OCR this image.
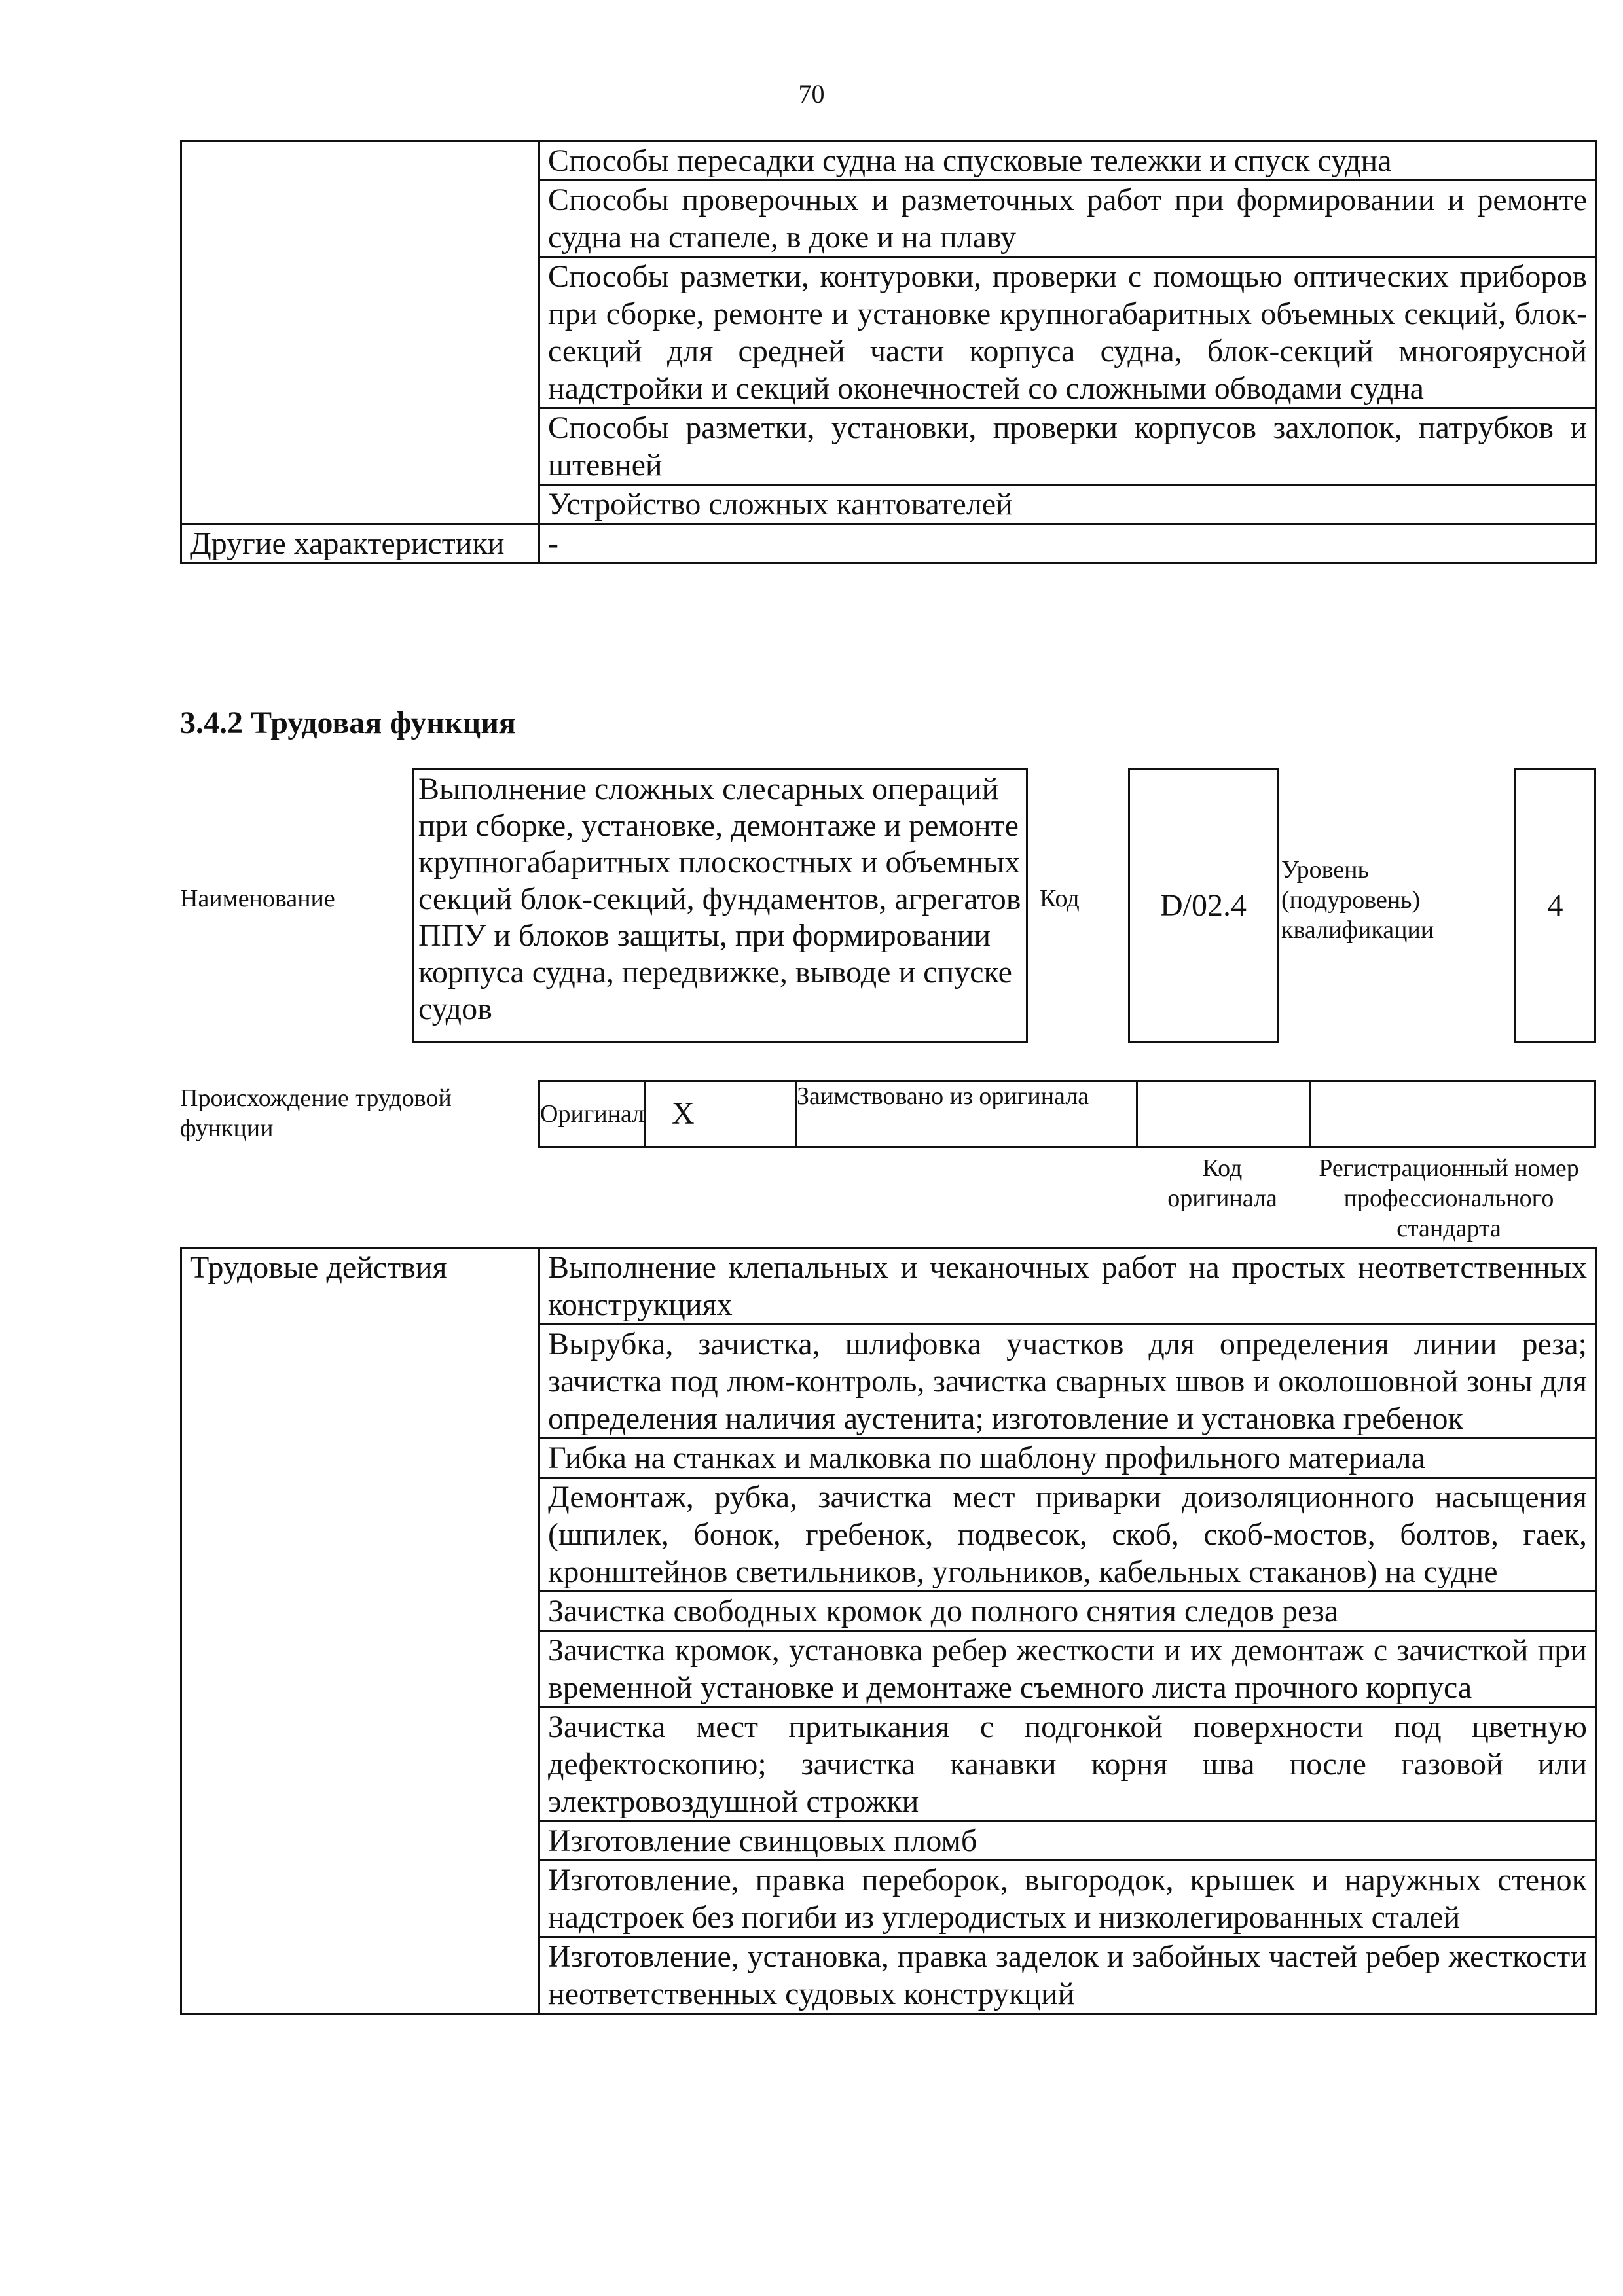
70
	Способы пересадки судна на спусковые тележки и спуск судна
	Способы проверочных и разметочных работ при формировании и ремонте судна на стапеле, в доке и на плаву
	Способы разметки, контуровки, проверки с помощью оптических приборов при сборке, ремонте и установке крупногабаритных объемных секций, блок-секций для средней части корпуса судна, блок-секций многоярусной надстройки и секций оконечностей со сложными обводами судна
	Способы разметки, установки, проверки корпусов захлопок, патрубков и штевней
	Устройство сложных кантователей
Другие характеристики	-
3.4.2 Трудовая функция
Наименование
Выполнение сложных слесарных операций при сборке, установке, демонтаже и ремонте крупногабаритных плоскостных и объемных секций блок-секций, фундаментов, агрегатов ППУ и блоков защиты, при формировании корпуса судна, передвижке, выводе и спуске судов
Код	D/02.4
Уровень (подуровень) квалификации
4
Происхождение трудовой функции
Оригинал	X	Заимствовано из оригинала		
Код оригинала
Регистрационный номер профессионального стандарта
Трудовые действия	Выполнение клепальных и чеканочных работ на простых неответственных конструкциях
Вырубка, зачистка, шлифовка участков для определения линии реза; зачистка под люм-контроль, зачистка сварных швов и околошовной зоны для определения наличия аустенита; изготовление и установка гребенок
Гибка на станках и малковка по шаблону профильного материала
Демонтаж, рубка, зачистка мест приварки доизоляционного насыщения (шпилек, бонок, гребенок, подвесок, скоб, скоб-мостов, болтов, гаек, кронштейнов светильников, угольников, кабельных стаканов) на судне
Зачистка свободных кромок до полного снятия следов реза
Зачистка кромок, установка ребер жесткости и их демонтаж с зачисткой при временной установке и демонтаже съемного листа прочного корпуса
Зачистка мест притыкания с подгонкой поверхности под цветную дефектоскопию; зачистка канавки корня шва после газовой или электровоздушной строжки
Изготовление свинцовых пломб
Изготовление, правка переборок, выгородок, крышек и наружных стенок надстроек без погиби из углеродистых и низколегированных сталей
Изготовление, установка, правка заделок и забойных частей ребер жесткости неответственных судовых конструкций
